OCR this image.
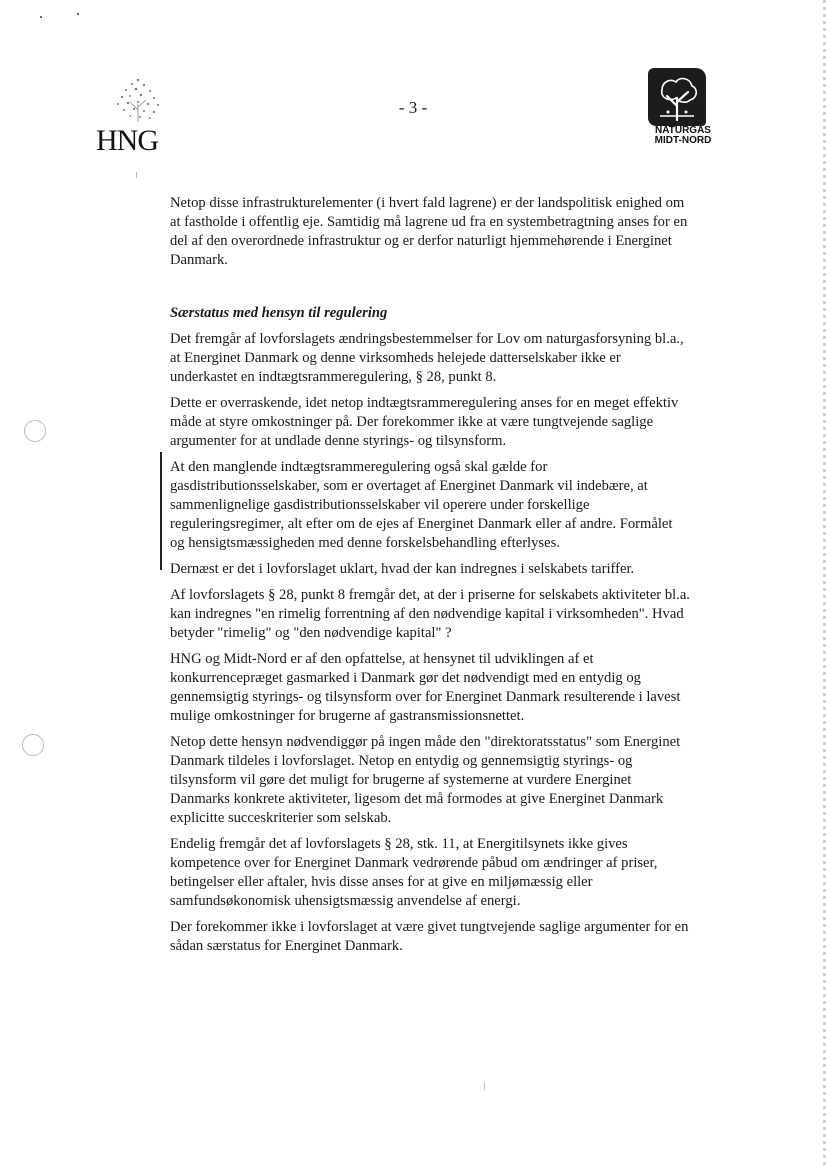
HNG
- 3 -
NATURGAS
MIDT-NORD

Netop disse infrastrukturelementer (i hvert fald lagrene) er der landspolitisk enighed om at fastholde i offentlig eje. Samtidig må lagrene ud fra en systembetragtning anses for en del af den overordnede infrastruktur og er derfor naturligt hjemmehørende i Energinet Danmark.

Særstatus med hensyn til regulering

Det fremgår af lovforslagets ændringsbestemmelser for Lov om naturgasforsyning bl.a., at Energinet Danmark og denne virksomheds helejede datterselskaber ikke er underkastet en indtægtsrammeregulering, § 28, punkt 8.

Dette er overraskende, idet netop indtægtsrammeregulering anses for en meget effektiv måde at styre omkostninger på. Der forekommer ikke at være tungtvejende saglige argumenter for at undlade denne styrings- og tilsynsform.

At den manglende indtægtsrammeregulering også skal gælde for gasdistributionsselskaber, som er overtaget af Energinet Danmark vil indebære, at sammenlignelige gasdistributionsselskaber vil operere under forskellige reguleringsregimer, alt efter om de ejes af Energinet Danmark eller af andre. Formålet og hensigtsmæssigheden med denne forskelsbehandling efterlyses.

Dernæst er det i lovforslaget uklart, hvad der kan indregnes i selskabets tariffer.

Af lovforslagets § 28, punkt 8 fremgår det, at der i priserne for selskabets aktiviteter bl.a. kan indregnes "en rimelig forrentning af den nødvendige kapital i virksomheden". Hvad betyder "rimelig" og "den nødvendige kapital" ?

HNG og Midt-Nord er af den opfattelse, at hensynet til udviklingen af et konkurrencepræget gasmarked i Danmark gør det nødvendigt med en entydig og gennemsigtig styrings- og tilsynsform over for Energinet Danmark resulterende i lavest mulige omkostninger for brugerne af gastransmissionsnettet.

Netop dette hensyn nødvendiggør på ingen måde den "direktoratsstatus" som Energinet Danmark tildeles i lovforslaget. Netop en entydig og gennemsigtig styrings- og tilsynsform vil gøre det muligt for brugerne af systemerne at vurdere Energinet Danmarks konkrete aktiviteter, ligesom det må formodes at give Energinet Danmark explicitte succeskriterier som selskab.

Endelig fremgår det af lovforslagets § 28, stk. 11, at Energitilsynets ikke gives kompetence over for Energinet Danmark vedrørende påbud om ændringer af priser, betingelser eller aftaler, hvis disse anses for at give en miljømæssig eller samfundsøkonomisk uhensigtsmæssig anvendelse af energi.

Der forekommer ikke i lovforslaget at være givet tungtvejende saglige argumenter for en sådan særstatus for Energinet Danmark.
